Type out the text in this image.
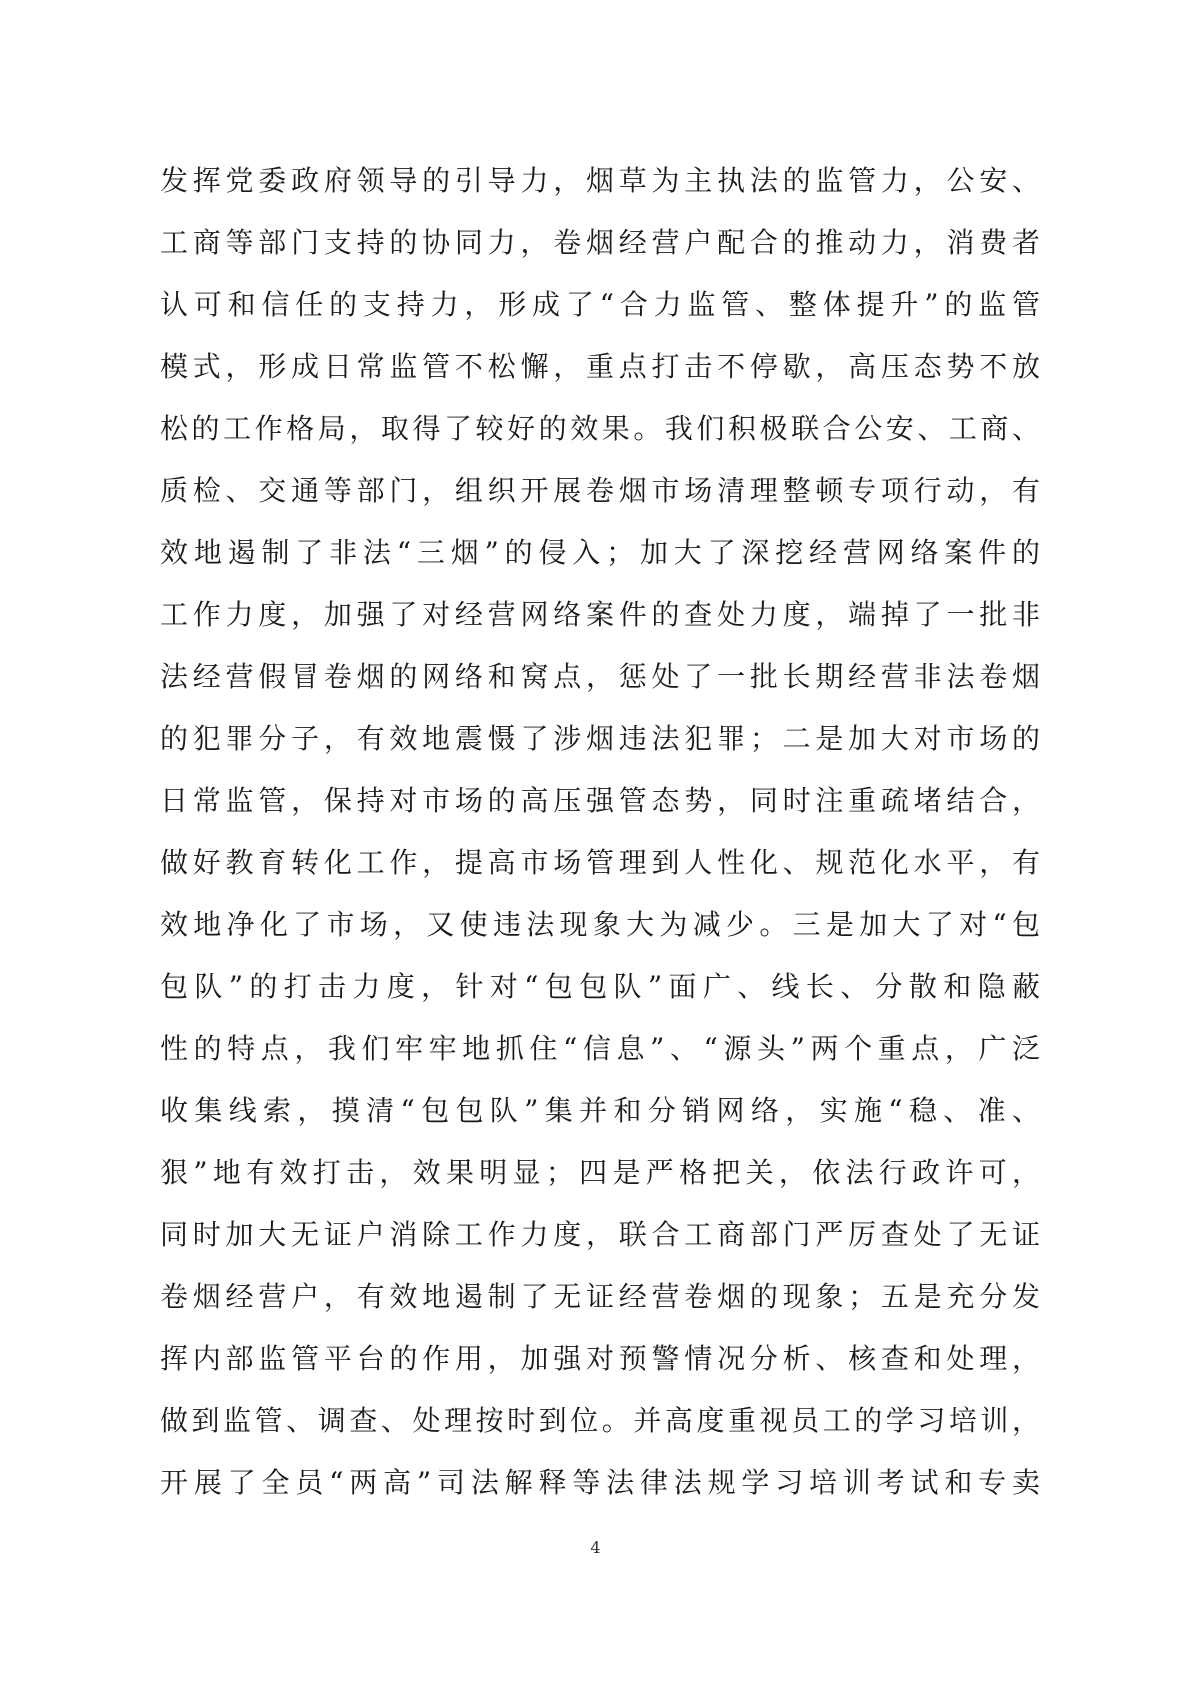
发挥党委政府领导的引导力，烟草为主执法的监管力，公安、
工商等部门支持的协同力，卷烟经营户配合的推动力，消费者
认可和信任的支持力，形成了“合力监管、整体提升”的监管
模式，形成日常监管不松懈，重点打击不停歇，高压态势不放
松的工作格局，取得了较好的效果。我们积极联合公安、工商、
质检、交通等部门，组织开展卷烟市场清理整顿专项行动，有
效地遏制了非法“三烟”的侵入；加大了深挖经营网络案件的
工作力度，加强了对经营网络案件的查处力度，端掉了一批非
法经营假冒卷烟的网络和窝点，惩处了一批长期经营非法卷烟
的犯罪分子，有效地震慑了涉烟违法犯罪；二是加大对市场的
日常监管，保持对市场的高压强管态势，同时注重疏堵结合，
做好教育转化工作，提高市场管理到人性化、规范化水平，有
效地净化了市场，又使违法现象大为减少。三是加大了对“包
包队”的打击力度，针对“包包队”面广、线长、分散和隐蔽
性的特点，我们牢牢地抓住“信息”、“源头”两个重点，广泛
收集线索，摸清“包包队”集并和分销网络，实施“稳、准、
狠”地有效打击，效果明显；四是严格把关，依法行政许可，
同时加大无证户消除工作力度，联合工商部门严厉查处了无证
卷烟经营户，有效地遏制了无证经营卷烟的现象；五是充分发
挥内部监管平台的作用，加强对预警情况分析、核查和处理，
做到监管、调查、处理按时到位。并高度重视员工的学习培训，
开展了全员“两高”司法解释等法律法规学习培训考试和专卖
4
